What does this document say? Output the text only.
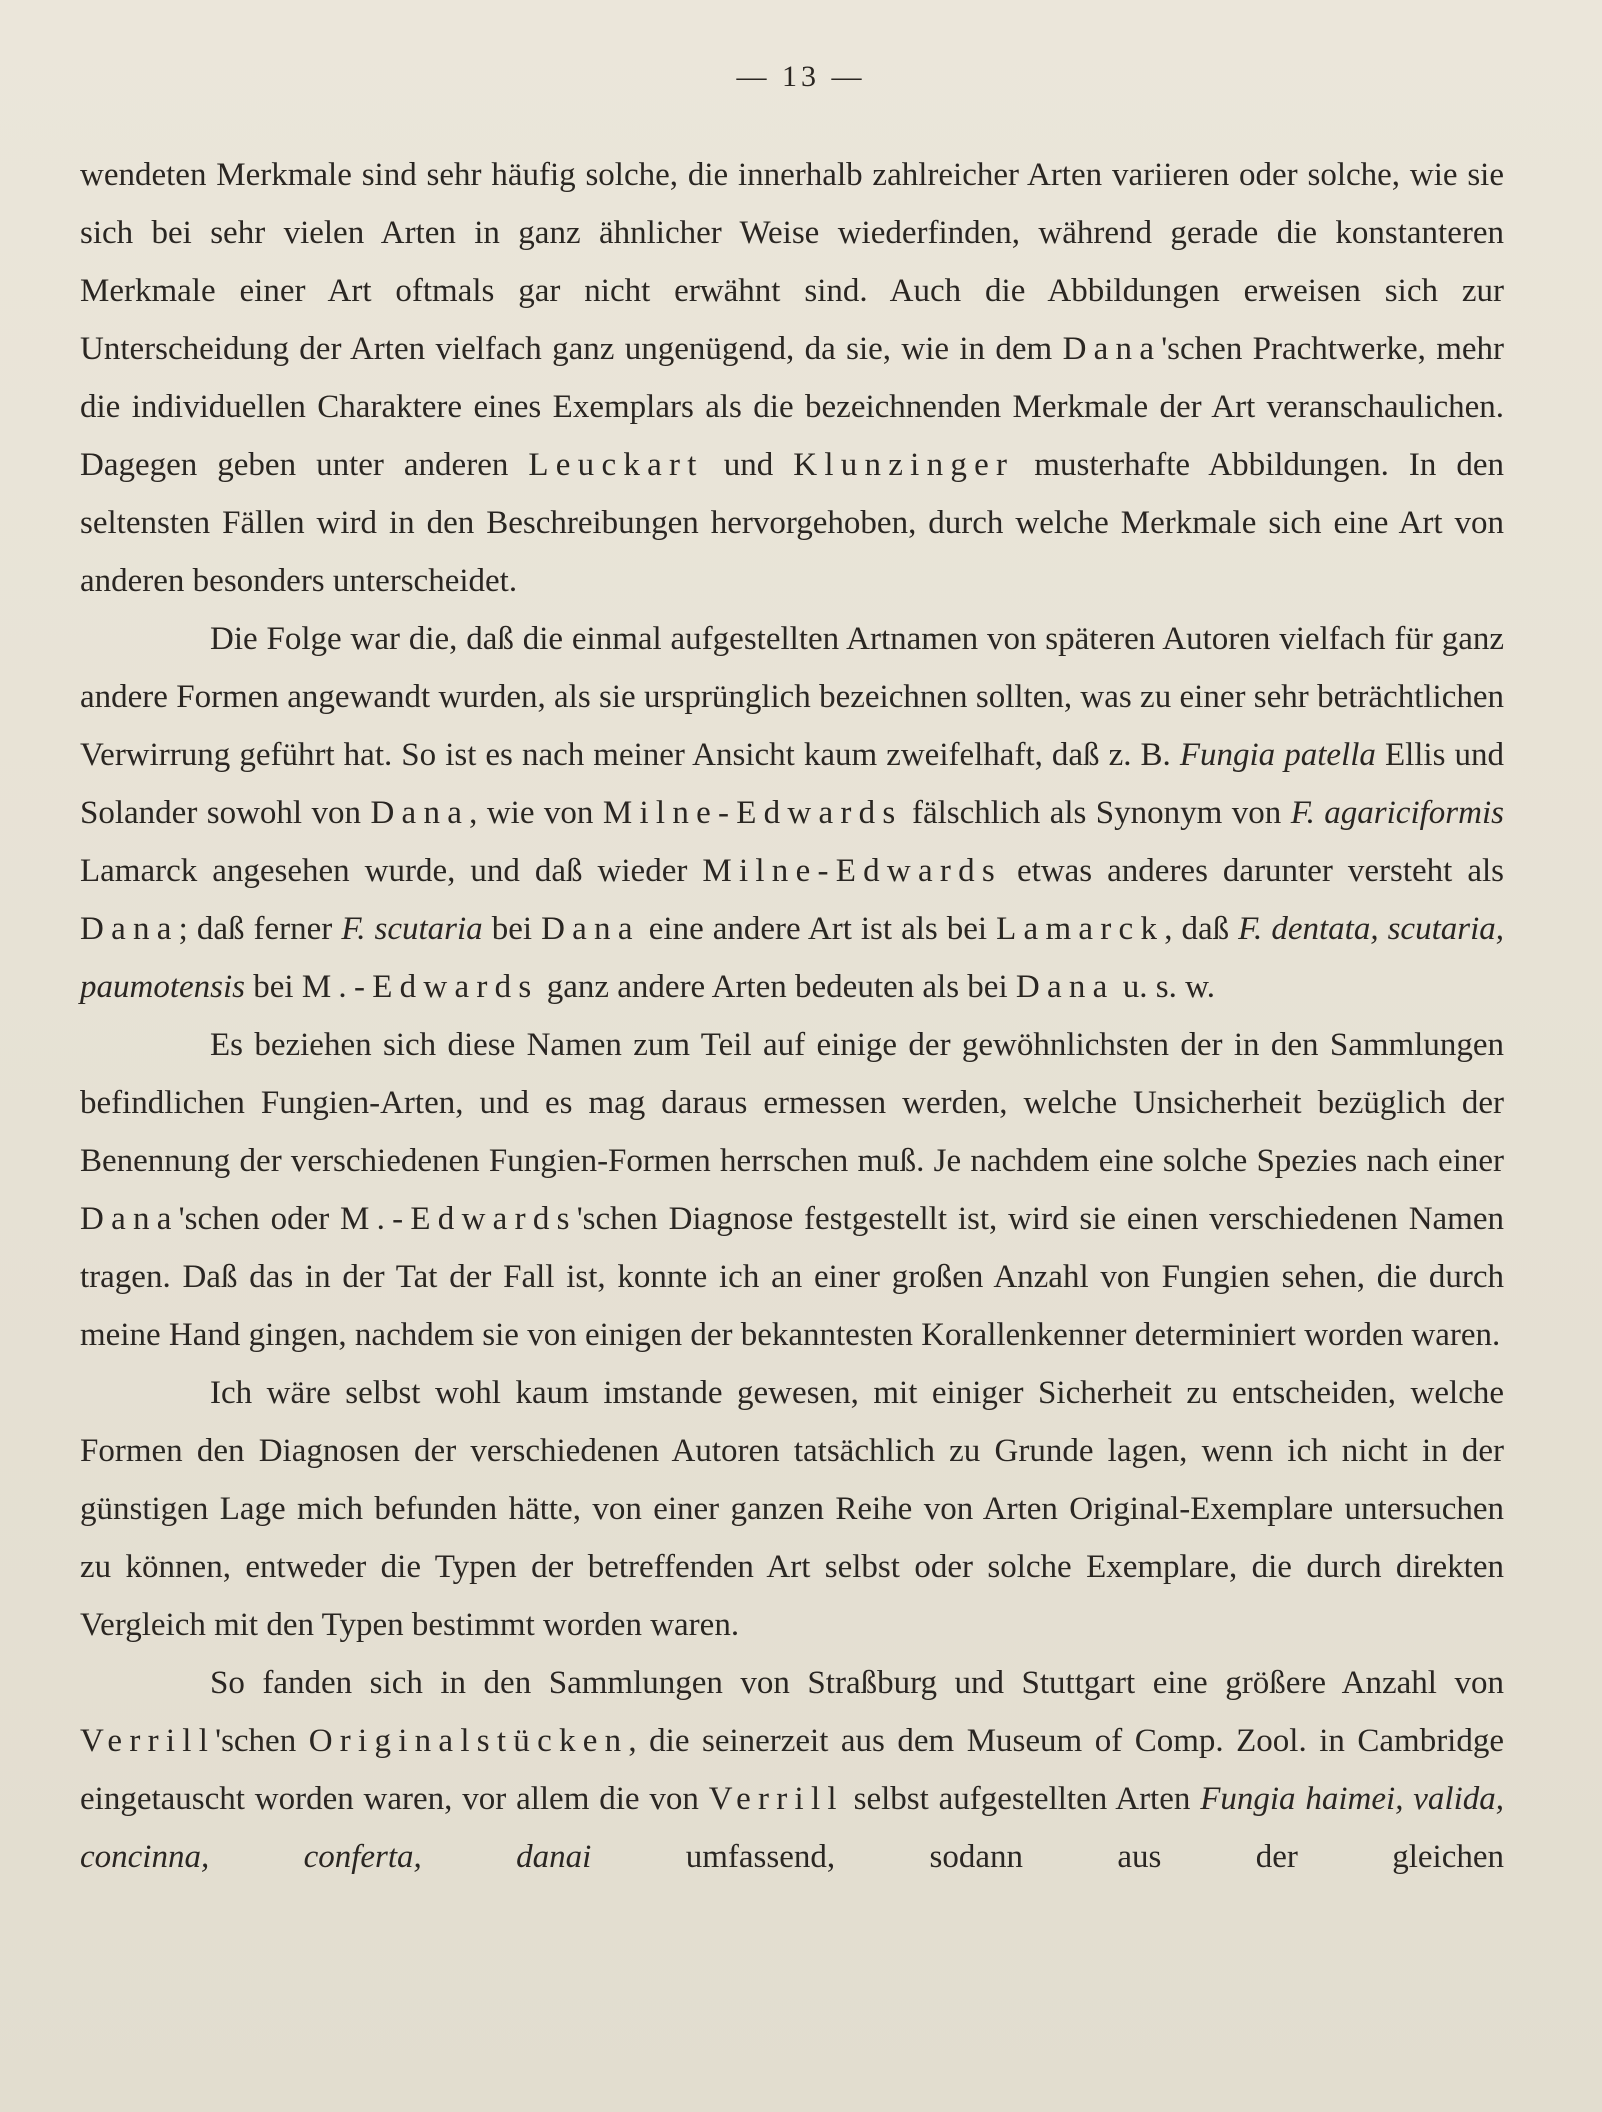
— 13 —

wendeten Merkmale sind sehr häufig solche, die innerhalb zahlreicher Arten variieren oder solche, wie sie sich bei sehr vielen Arten in ganz ähnlicher Weise wiederfinden, während gerade die konstanteren Merkmale einer Art oftmals gar nicht erwähnt sind. Auch die Abbildungen erweisen sich zur Unterscheidung der Arten vielfach ganz ungenügend, da sie, wie in dem Dana'schen Prachtwerke, mehr die individuellen Charaktere eines Exemplars als die bezeichnenden Merkmale der Art veranschaulichen. Dagegen geben unter anderen Leuckart und Klunzinger musterhafte Abbildungen. In den seltensten Fällen wird in den Beschreibungen hervorgehoben, durch welche Merkmale sich eine Art von anderen besonders unterscheidet.

Die Folge war die, daß die einmal aufgestellten Artnamen von späteren Autoren vielfach für ganz andere Formen angewandt wurden, als sie ursprünglich bezeichnen sollten, was zu einer sehr beträchtlichen Verwirrung geführt hat. So ist es nach meiner Ansicht kaum zweifelhaft, daß z. B. Fungia patella Ellis und Solander sowohl von Dana, wie von Milne-Edwards fälschlich als Synonym von F. agariciformis Lamarck angesehen wurde, und daß wieder Milne-Edwards etwas anderes darunter versteht als Dana; daß ferner F. scutaria bei Dana eine andere Art ist als bei Lamarck, daß F. dentata, scutaria, paumotensis bei M.-Edwards ganz andere Arten bedeuten als bei Dana u. s. w.

Es beziehen sich diese Namen zum Teil auf einige der gewöhnlichsten der in den Sammlungen befindlichen Fungien-Arten, und es mag daraus ermessen werden, welche Unsicherheit bezüglich der Benennung der verschiedenen Fungien-Formen herrschen muß. Je nachdem eine solche Spezies nach einer Dana'schen oder M.-Edwards'schen Diagnose festgestellt ist, wird sie einen verschiedenen Namen tragen. Daß das in der Tat der Fall ist, konnte ich an einer großen Anzahl von Fungien sehen, die durch meine Hand gingen, nachdem sie von einigen der bekanntesten Korallenkenner determiniert worden waren.

Ich wäre selbst wohl kaum imstande gewesen, mit einiger Sicherheit zu entscheiden, welche Formen den Diagnosen der verschiedenen Autoren tatsächlich zu Grunde lagen, wenn ich nicht in der günstigen Lage mich befunden hätte, von einer ganzen Reihe von Arten Original-Exemplare untersuchen zu können, entweder die Typen der betreffenden Art selbst oder solche Exemplare, die durch direkten Vergleich mit den Typen bestimmt worden waren.

So fanden sich in den Sammlungen von Straßburg und Stuttgart eine größere Anzahl von Verrill'schen Originalstücken, die seinerzeit aus dem Museum of Comp. Zool. in Cambridge eingetauscht worden waren, vor allem die von Verrill selbst aufgestellten Arten Fungia haimei, valida, concinna, conferta, danai umfassend, sodann aus der gleichen
